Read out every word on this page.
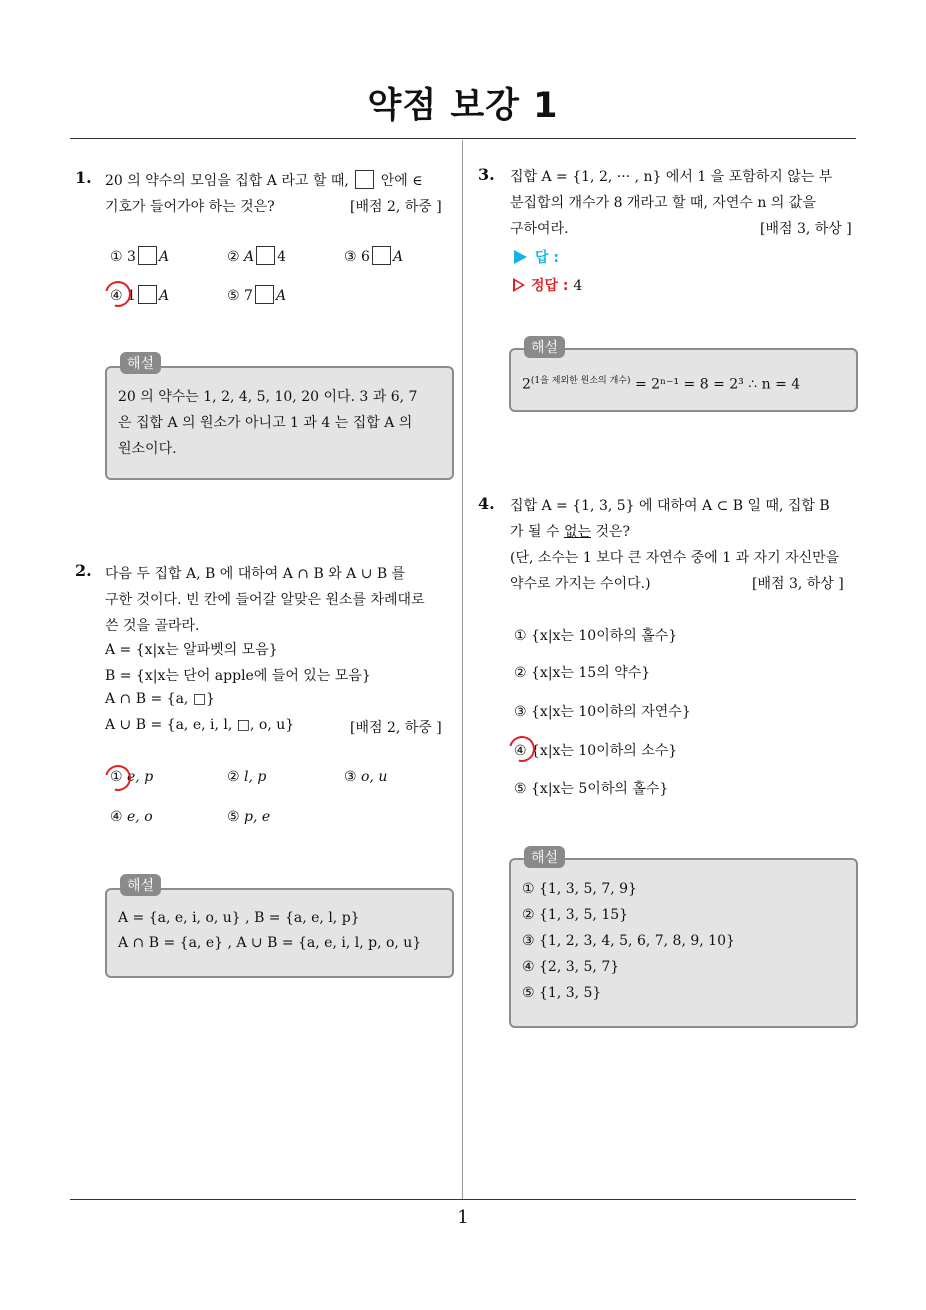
약점 보강 1
1
1. 20 의 약수의 모임을 집합 A 라고 할 때, 안에 ∈
기호가 들어가야 하는 것은?	[배점 2, 하중 ]
① 3 A	② A 4	③ 6 A
④ 1 A	⑤ 7 A
해설
20 의 약수는 1, 2, 4, 5, 10, 20 이다. 3 과 6, 7
은 집합 A 의 원소가 아니고 1 과 4 는 집합 A 의
원소이다.
2. 다음 두 집합 A, B 에 대하여 A ∩ B 와 A ∪ B 를
구한 것이다. 빈 칸에 들어갈 알맞은 원소를 차례대로
쓴 것을 골라라.
A = {x|x는 알파벳의 모음}
B = {x|x는 단어 apple에 들어 있는 모음}
A ∩ B = {a, □}
A ∪ B = {a, e, i, l, □, o, u}	[배점 2, 하중 ]
① e, p	② l, p	③ o, u
④ e, o	⑤ p, e
해설
A = {a, e, i, o, u} , B = {a, e, l, p}
A ∩ B = {a, e} , A ∪ B = {a, e, i, l, p, o, u}
3. 집합 A = {1, 2, ··· , n} 에서 1 을 포함하지 않는 부
분집합의 개수가 8 개라고 할 때, 자연수 n 의 값을
구하여라.	[배점 3, 하상 ]
답 :
정답 : 4
해설
$2^{(1을 제외한 원소의 개수)} = 2^{n-1} = 8 = 2^3$ ∴ n = 4
4. 집합 A = {1, 3, 5} 에 대하여 A ⊂ B 일 때, 집합 B
가 될 수 없는 것은?
(단, 소수는 1 보다 큰 자연수 중에 1 과 자기 자신만을
약수로 가지는 수이다.)	[배점 3, 하상 ]
① {x|x는 10이하의 홀수}
② {x|x는 15의 약수}
③ {x|x는 10이하의 자연수}
④ {x|x는 10이하의 소수}
⑤ {x|x는 5이하의 홀수}
해설
① {1, 3, 5, 7, 9}
② {1, 3, 5, 15}
③ {1, 2, 3, 4, 5, 6, 7, 8, 9, 10}
④ {2, 3, 5, 7}
⑤ {1, 3, 5}
